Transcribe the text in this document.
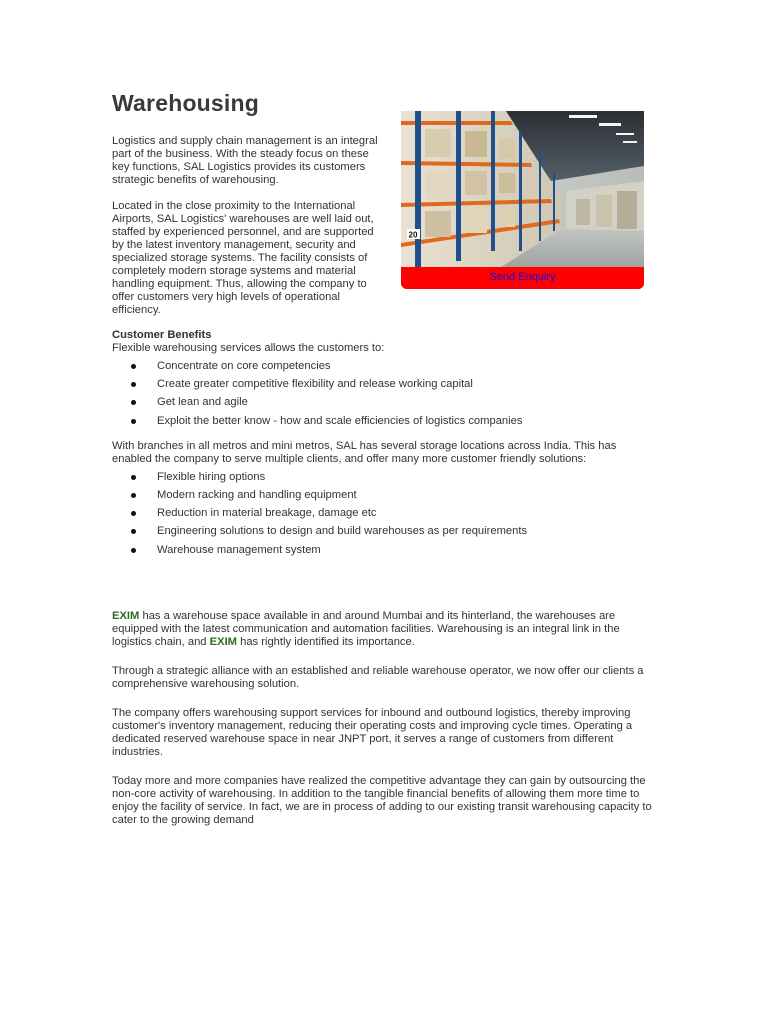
Warehousing

Logistics and supply chain management is an integral part of the business. With the steady focus on these key functions, SAL Logistics provides its customers strategic benefits of warehousing.

Located in the close proximity to the International Airports, SAL Logistics' warehouses are well laid out, staffed by experienced personnel, and are supported by the latest inventory management, security and specialized storage systems. The facility consists of completely modern storage systems and material handling equipment. Thus, allowing the company to offer customers very high levels of operational efficiency.

20
Send Enquiry
Customer Benefits
Flexible warehousing services allows the customers to:
Concentrate on core competencies
Create greater competitive flexibility and release working capital
Get lean and agile
Exploit the better know - how and scale efficiencies of logistics companies

With branches in all metros and mini metros, SAL has several storage locations across India. This has enabled the company to serve multiple clients, and offer many more customer friendly solutions:

Flexible hiring options
Modern racking and handling equipment
Reduction in material breakage, damage etc
Engineering solutions to design and build warehouses as per requirements
Warehouse management system

EXIM has a warehouse space available in and around Mumbai and its hinterland, the warehouses are equipped with the latest communication and automation facilities. Warehousing is an integral link in the logistics chain, and EXIM has rightly identified its importance.

Through a strategic alliance with an established and reliable warehouse operator, we now offer our clients a comprehensive warehousing solution.

The company offers warehousing support services for inbound and outbound logistics, thereby improving customer's inventory management, reducing their operating costs and improving cycle times. Operating a dedicated reserved warehouse space in near JNPT port, it serves a range of customers from different industries.

Today more and more companies have realized the competitive advantage they can gain by outsourcing the non-core activity of warehousing. In addition to the tangible financial benefits of allowing them more time to enjoy the facility of service. In fact, we are in process of adding to our existing transit warehousing capacity to cater to the growing demand
